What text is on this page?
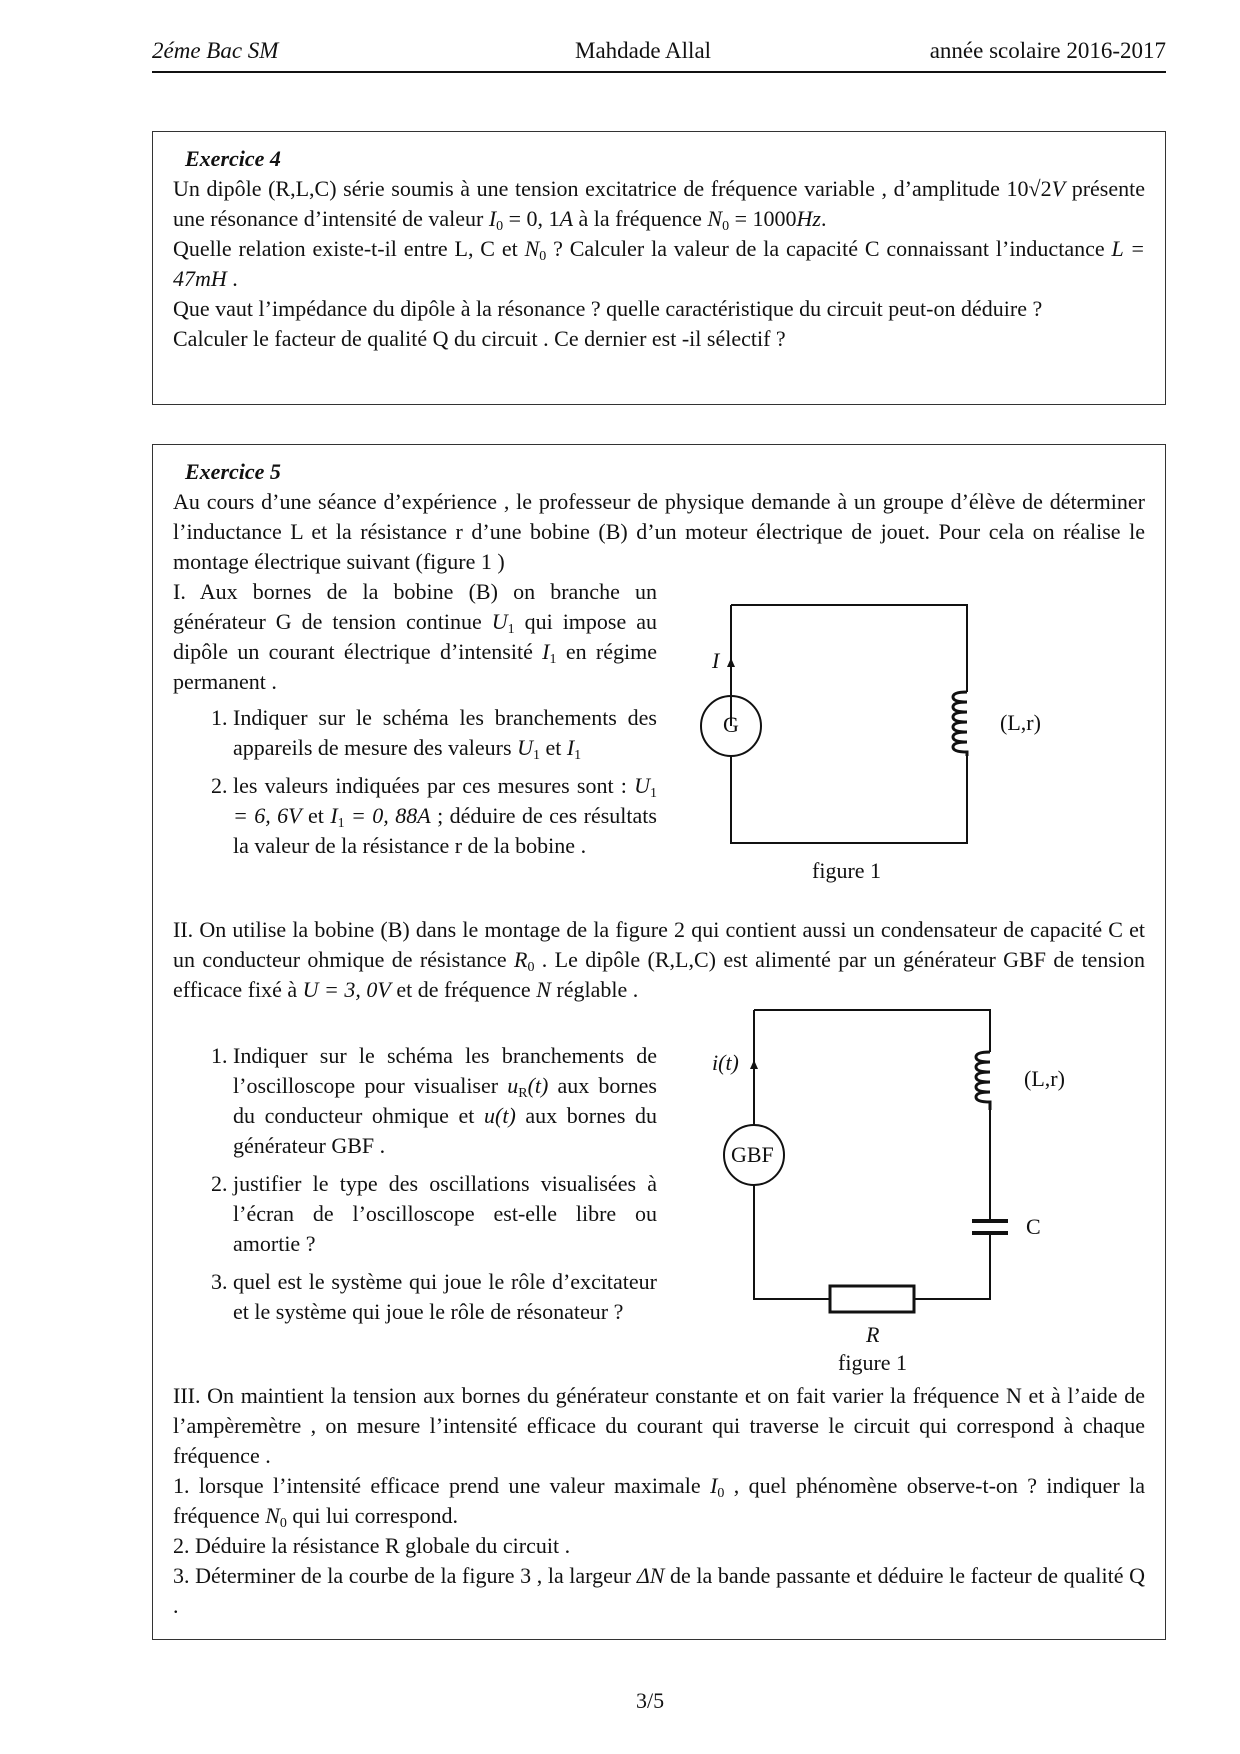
2éme Bac SM	Mahdade Allal	année scolaire 2016-2017
Exercice 4
Un dipôle (R,L,C) série soumis à une tension excitatrice de fréquence variable , d’amplitude 10√2V présente une résonance d’intensité de valeur $I_0 = 0$, 1A à la fréquence $N_0 = 1000Hz$.
Quelle relation existe-t-il entre L, C et $N_0$ ? Calculer la valeur de la capacité C connaissant l’inductance L = 47mH .
Que vaut l’impédance du dipôle à la résonance ? quelle caractéristique du circuit peut-on déduire ?
Calculer le facteur de qualité Q du circuit . Ce dernier est -il sélectif ?
Exercice 5
Au cours d’une séance d’expérience , le professeur de physique demande à un groupe d’élève de déterminer l’inductance L et la résistance r d’une bobine (B) d’un moteur électrique de jouet. Pour cela on réalise le montage électrique suivant (figure 1 )
I. Aux bornes de la bobine (B) on branche un générateur G de tension continue $U_1$ qui impose au dipôle un courant électrique d’intensité $I_1$ en régime permanent .
1. Indiquer sur le schéma les branchements des appareils de mesure des valeurs $U_1$ et $I_1$
2. les valeurs indiquées par ces mesures sont : $U_1 = 6$, 6V et $I_1 = 0$, 88A ; déduire de ces résultats la valeur de la résistance r de la bobine .
II. On utilise la bobine (B) dans le montage de la figure 2 qui contient aussi un condensateur de capacité C et un conducteur ohmique de résistance $R_0$ . Le dipôle (R,L,C) est alimenté par un générateur GBF de tension efficace fixé à U = 3, 0V et de fréquence N réglable .
1. Indiquer sur le schéma les branchements de l’oscilloscope pour visualiser $u_R(t)$ aux bornes du conducteur ohmique et u(t) aux bornes du générateur GBF .
2. justifier le type des oscillations visualisées à l’écran de l’oscilloscope est-elle libre ou amortie ?
3. quel est le système qui joue le rôle d’excitateur et le système qui joue le rôle de résonateur ?
III. On maintient la tension aux bornes du générateur constante et on fait varier la fréquence N et à l’aide de l’ampèremètre , on mesure l’intensité efficace du courant qui traverse le circuit qui correspond à chaque fréquence .
1. lorsque l’intensité efficace prend une valeur maximale $I_0$ , quel phénomène observe-t-on ? indiquer la fréquence $N_0$ qui lui correspond.
2. Déduire la résistance R globale du circuit .
3. Déterminer de la courbe de la figure 3 , la largeur ΔN de la bande passante et déduire le facteur de qualité Q .
I
G	(L,r)
figure 1
i(t)
GBF
(L,r)
C
R
figure 1
3/5
